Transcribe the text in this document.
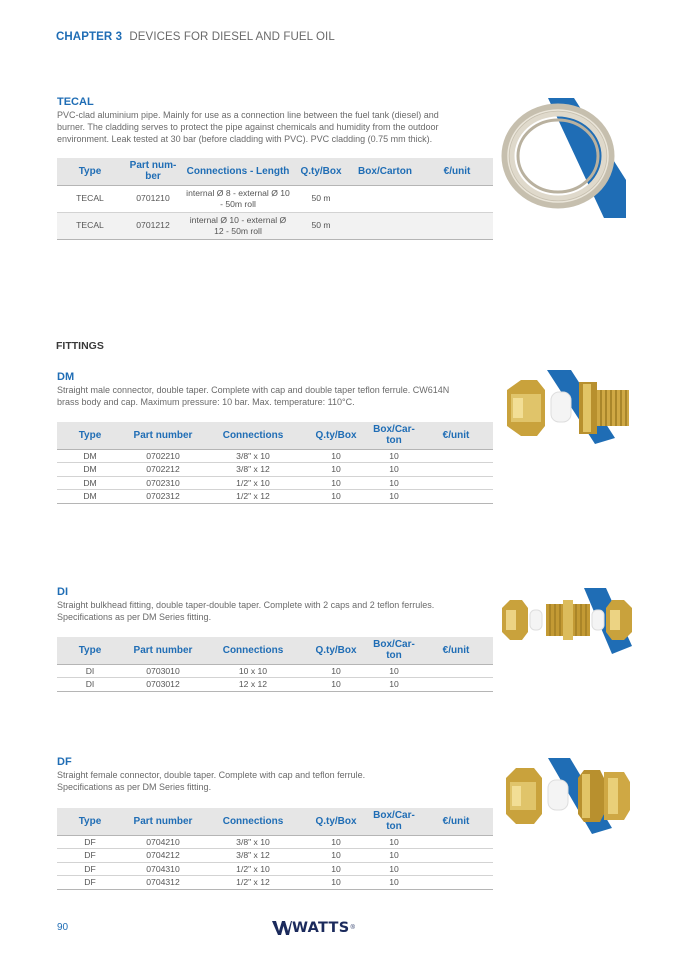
CHAPTER 3 DEVICES FOR DIESEL AND FUEL OIL
TECAL
PVC-clad aluminium pipe. Mainly for use as a connection line between the fuel tank (diesel) and
burner. The cladding serves to protect the pipe against chemicals and humidity from the outdoor
environment. Leak tested at 30 bar (before cladding with PVC). PVC cladding (0.75 mm thick).
Type	Part num-
ber	Connections - Length	Q.ty/Box	Box/Carton	€/unit
TECAL	0701210	internal Ø 8 - external Ø 10
- 50m roll	50 m		
TECAL	0701212	internal Ø 10 - external Ø
12 - 50m roll	50 m		
FITTINGS
DM
Straight male connector, double taper. Complete with cap and double taper teflon ferrule. CW614N
brass body and cap. Maximum pressure: 10 bar. Max. temperature: 110°C.
Type	Part number	Connections	Q.ty/Box	Box/Car-
ton	€/unit
DM	0702210	3/8" x 10	10	10	
DM	0702212	3/8" x 12	10	10	
DM	0702310	1/2" x 10	10	10	
DM	0702312	1/2" x 12	10	10	
DI
Straight bulkhead fitting, double taper-double taper. Complete with 2 caps and 2 teflon ferrules.
Specifications as per DM Series fitting.
Type	Part number	Connections	Q.ty/Box	Box/Car-
ton	€/unit
DI	0703010	10 x 10	10	10	
DI	0703012	12 x 12	10	10	
DF
Straight female connector, double taper. Complete with cap and teflon ferrule.
Specifications as per DM Series fitting.
Type	Part number	Connections	Q.ty/Box	Box/Car-
ton	€/unit
DF	0704210	3/8" x 10	10	10	
DF	0704212	3/8" x 12	10	10	
DF	0704310	1/2" x 10	10	10	
DF	0704312	1/2" x 12	10	10	
90	WATTS ®
